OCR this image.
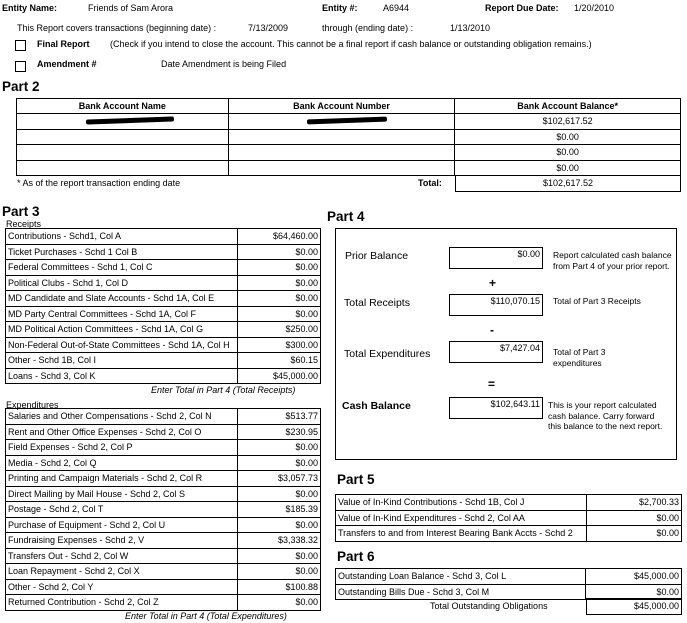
Entity Name:	Friends of Sam Arora	Entity #:	A6944	Report Due Date: 1/20/2010
This Report covers transactions (beginning date) :	7/13/2009	through (ending date) :	1/13/2010
Final Report (Check if you intend to close the account. This cannot be a final report if cash balance or outstanding obligation remains.)
Amendment #	Date Amendment is being Filed
Part 2
Bank Account Name	Bank Account Number	Bank Account Balance*
		$102,617.52
		$0.00
		$0.00
		$0.00
* As of the report transaction ending date	Total:	$102,617.52
Part 3
Receipts
Contributions - Schd1, Col A	$64,460.00
Ticket Purchases - Schd 1 Col B	$0.00
Federal Committees - Schd 1, Col C	$0.00
Political Clubs - Schd 1, Col D	$0.00
MD Candidate and Slate Accounts - Schd 1A, Col E	$0.00
MD Party Central Committees - Schd 1A, Col F	$0.00
MD Political Action Committees - Schd 1A, Col G	$250.00
Non-Federal Out-of-State Committees - Schd 1A, Col H	$300.00
Other - Schd 1B, Col I	$60.15
Loans - Schd 3, Col K	$45,000.00
Enter Total in Part 4 (Total Receipts)
Expenditures
Salaries and Other Compensations - Schd 2, Col N	$513.77
Rent and Other Office Expenses - Schd 2, Col O	$230.95
Field Expenses - Schd 2, Col P	$0.00
Media - Schd 2, Col Q	$0.00
Printing and Campaign Materials - Schd 2, Col R	$3,057.73
Direct Mailing by Mail House - Schd 2, Col S	$0.00
Postage - Schd 2, Col T	$185.39
Purchase of Equipment - Schd 2, Col U	$0.00
Fundraising Expenses - Schd 2, V	$3,338.32
Transfers Out - Schd 2, Col W	$0.00
Loan Repayment - Schd 2, Col X	$0.00
Other - Schd 2, Col Y	$100.88
Returned Contribution - Schd 2, Col Z	$0.00
Enter Total in Part 4 (Total Expenditures)
Part 4
Prior Balance	$0.00	Report calculated cash balance from Part 4 of your prior report.
+
Total Receipts	$110,070.15	Total of Part 3 Receipts
-
Total Expenditures	$7,427.04	Total of Part 3 expenditures
=
Cash Balance	$102,643.11 This is your report calculated cash balance. Carry forward this balance to the next report.
Part 5
Value of In-Kind Contributions - Schd 1B, Col J	$2,700.33
Value of In-Kind Expenditures - Schd 2, Col AA	$0.00
Transfers to and from Interest Bearing Bank Accts - Schd 2	$0.00
Part 6
Outstanding Loan Balance - Schd 3, Col L	$45,000.00
Outstanding Bills Due - Schd 3, Col M	$0.00
Total Outstanding Obligations	$45,000.00
